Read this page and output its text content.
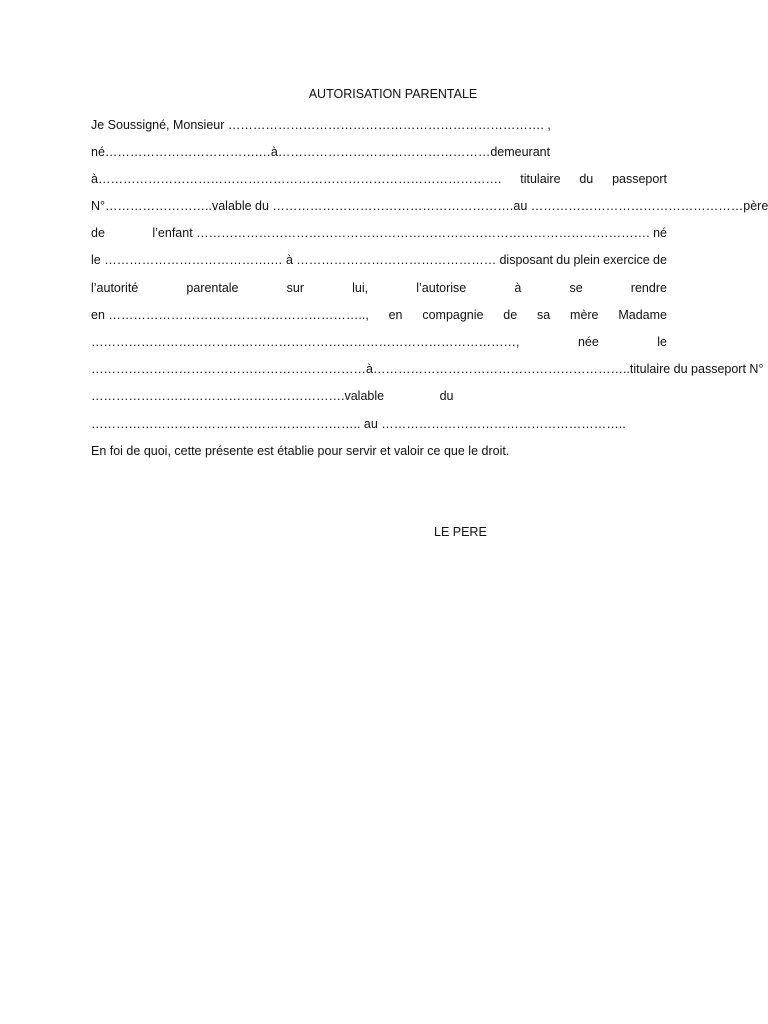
AUTORISATION PARENTALE
Je Soussigné, Monsieur …………………………………………………………………. ,
né……………………………….…à……………………………………………demeurant
à……………………………………………………………………………………. titulaire du passeport
N°……………………..valable du ………………………………………………….au ……………………………………………père
de	l’enfant ………………………………………………………………………………………………. né
le ………………………………….… à ………………………………………… disposant du plein exercice de
l’autorité	parentale	sur	lui,	l’autorise	à	se	rendre
en …………………………………………………….., en compagnie de sa mère Madame
…………………………………………………………………………………………,	née	le
…………………………………………………………à……………………………………………………..titulaire du passeport N°
…………………………………………………….valable	du
……………………………………………………….. au …………………………………………………..
En foi de quoi, cette présente est établie pour servir et valoir ce que le droit.
LE PERE
